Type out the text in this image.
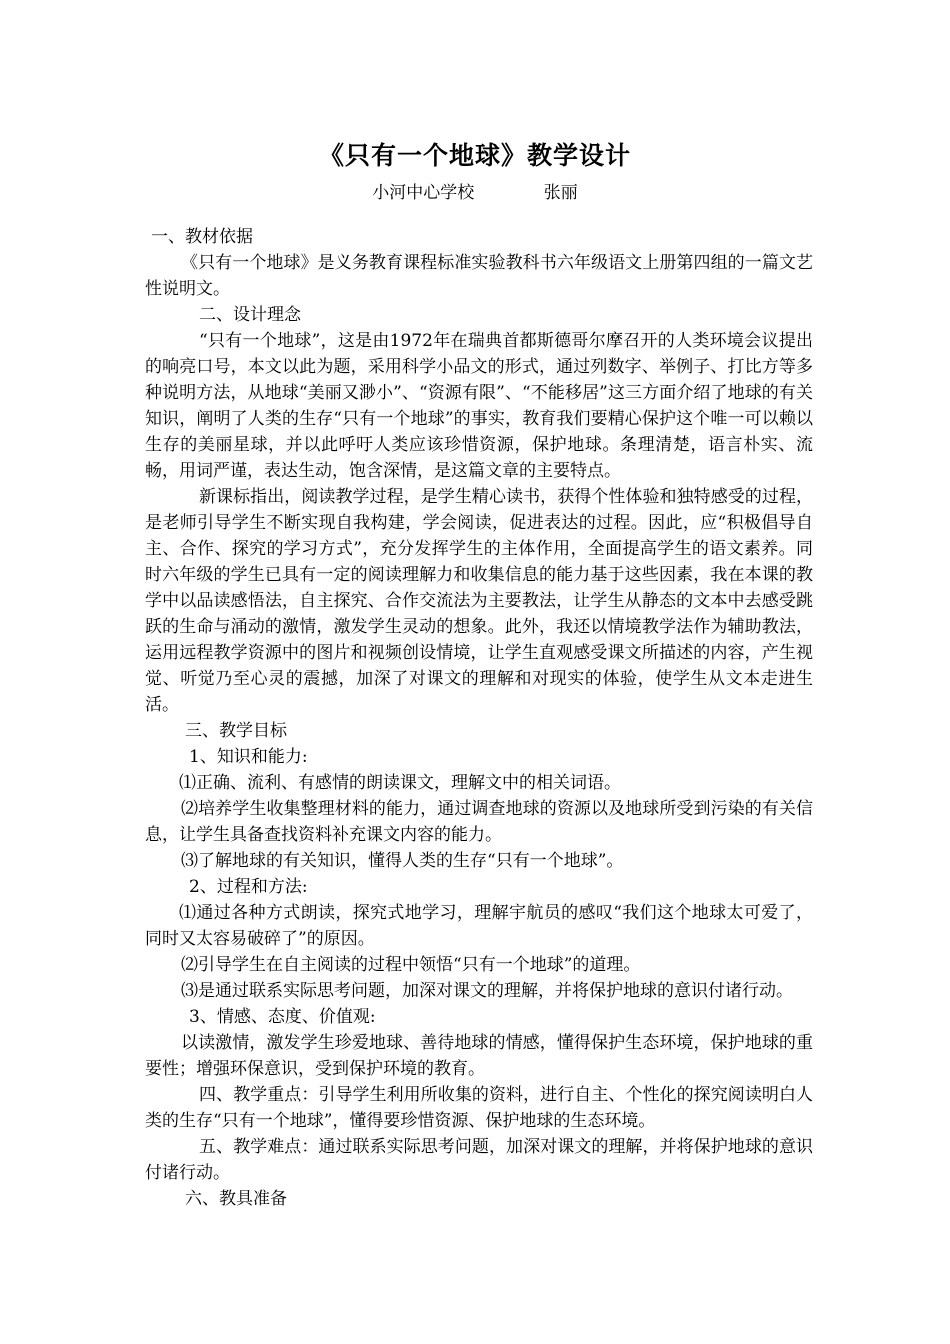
《只有一个地球》教学设计
小河中心学校	张丽

一、教材依据

《只有一个地球》是义务教育课程标准实验教科书六年级语文上册第四组的一篇文艺性说明文。

二、设计理念

“只有一个地球”，这是由1972年在瑞典首都斯德哥尔摩召开的人类环境会议提出的响亮口号，本文以此为题，采用科学小品文的形式，通过列数字、举例子、打比方等多种说明方法，从地球“美丽又渺小”、“资源有限”、“不能移居”这三方面介绍了地球的有关知识，阐明了人类的生存“只有一个地球”的事实，教育我们要精心保护这个唯一可以赖以生存的美丽星球，并以此呼吁人类应该珍惜资源，保护地球。条理清楚，语言朴实、流畅，用词严谨，表达生动，饱含深情，是这篇文章的主要特点。

新课标指出，阅读教学过程，是学生精心读书，获得个性体验和独特感受的过程，是老师引导学生不断实现自我构建，学会阅读，促进表达的过程。因此，应“积极倡导自主、合作、探究的学习方式”，充分发挥学生的主体作用，全面提高学生的语文素养。同时六年级的学生已具有一定的阅读理解力和收集信息的能力基于这些因素，我在本课的教学中以品读感悟法，自主探究、合作交流法为主要教法，让学生从静态的文本中去感受跳跃的生命与涌动的激情，激发学生灵动的想象。此外，我还以情境教学法作为辅助教法，运用远程教学资源中的图片和视频创设情境，让学生直观感受课文所描述的内容，产生视觉、听觉乃至心灵的震撼，加深了对课文的理解和对现实的体验，使学生从文本走进生活。

三、教学目标

1、知识和能力:

⑴正确、流利、有感情的朗读课文，理解文中的相关词语。

⑵培养学生收集整理材料的能力，通过调查地球的资源以及地球所受到污染的有关信息，让学生具备查找资料补充课文内容的能力。

⑶了解地球的有关知识，懂得人类的生存“只有一个地球”。

2、过程和方法:

⑴通过各种方式朗读，探究式地学习，理解宇航员的感叹“我们这个地球太可爱了，同时又太容易破碎了”的原因。

⑵引导学生在自主阅读的过程中领悟“只有一个地球”的道理。

⑶是通过联系实际思考问题，加深对课文的理解，并将保护地球的意识付诸行动。

3、情感、态度、价值观:

以读激情，激发学生珍爱地球、善待地球的情感，懂得保护生态环境，保护地球的重要性；增强环保意识，受到保护环境的教育。

四、教学重点：引导学生利用所收集的资料，进行自主、个性化的探究阅读明白人类的生存“只有一个地球”，懂得要珍惜资源、保护地球的生态环境。

五、教学难点：通过联系实际思考问题，加深对课文的理解，并将保护地球的意识付诸行动。

六、教具准备
